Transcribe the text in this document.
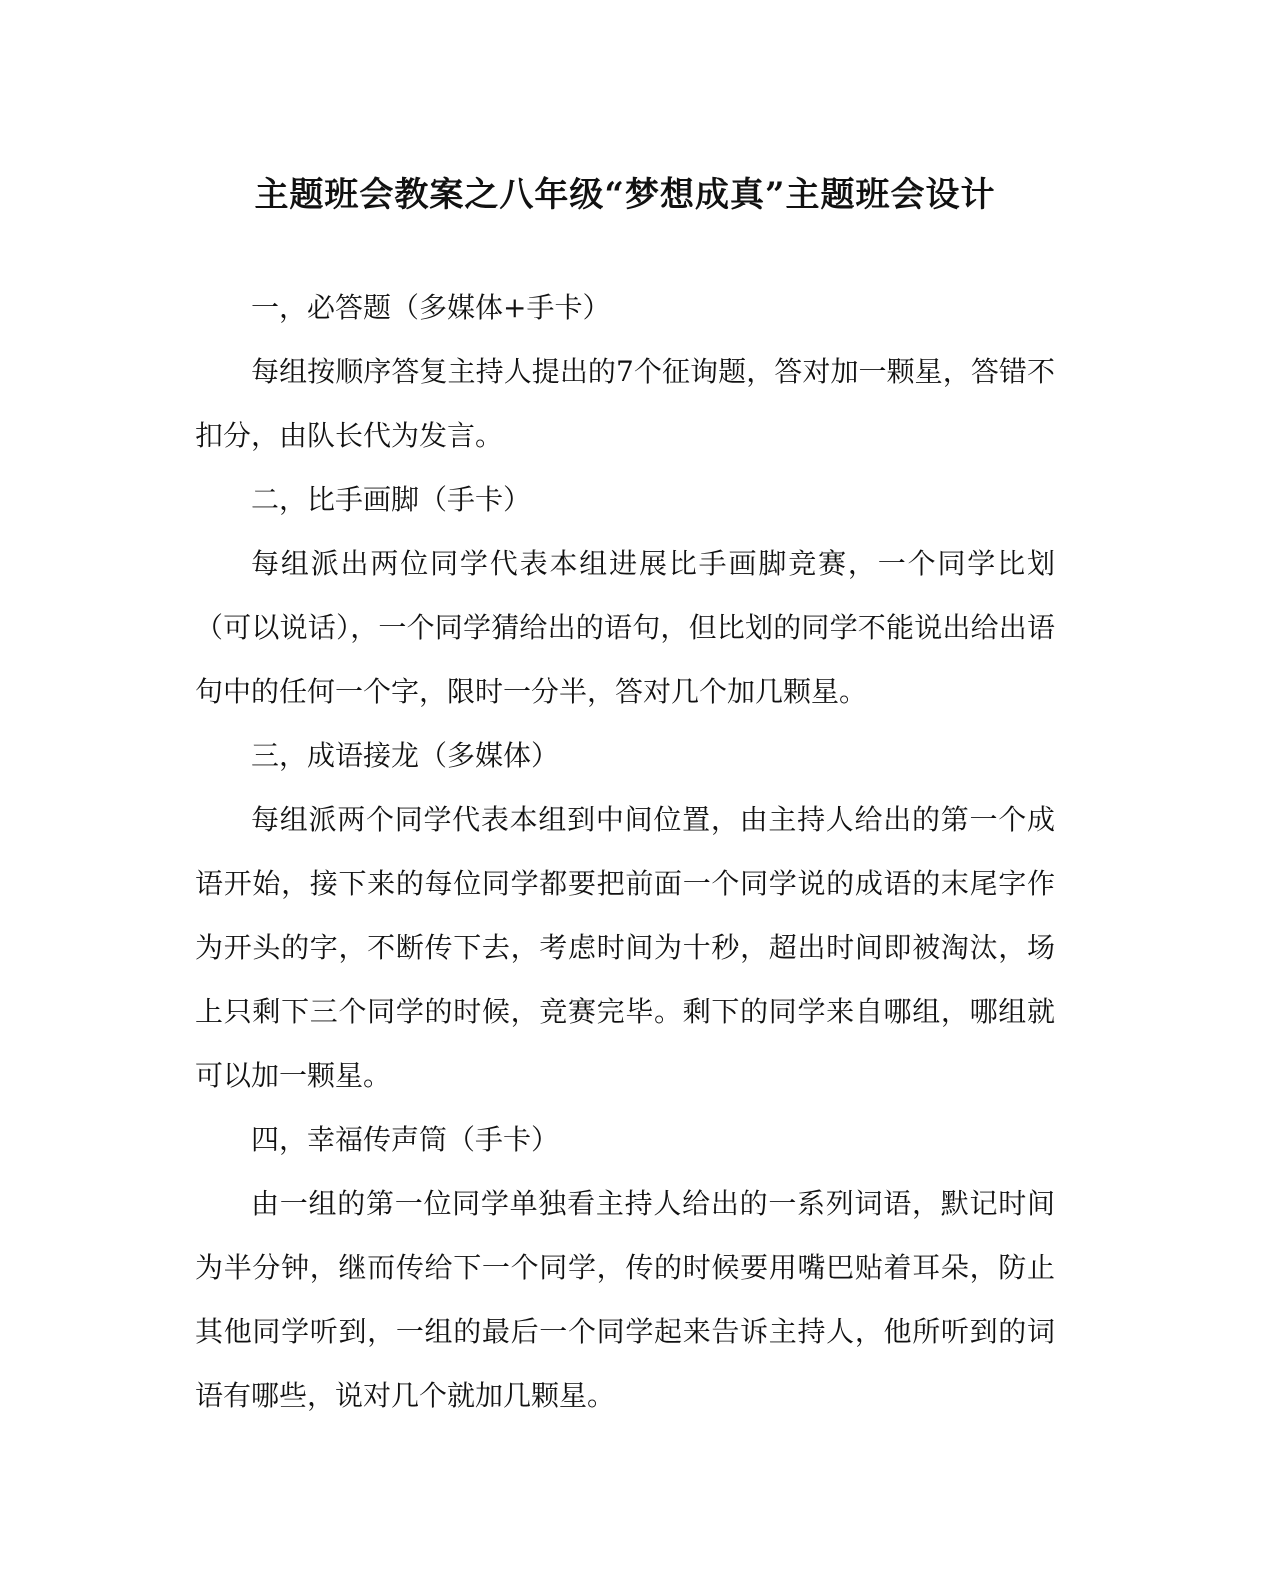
主题班会教案之八年级“梦想成真”主题班会设计

一，必答题（多媒体+手卡）

每组按顺序答复主持人提出的7个征询题，答对加一颗星，答错不扣分，由队长代为发言。

二，比手画脚（手卡）

每组派出两位同学代表本组进展比手画脚竞赛，一个同学比划（可以说话），一个同学猜给出的语句，但比划的同学不能说出给出语句中的任何一个字，限时一分半，答对几个加几颗星。

三，成语接龙（多媒体）

每组派两个同学代表本组到中间位置，由主持人给出的第一个成语开始，接下来的每位同学都要把前面一个同学说的成语的末尾字作为开头的字，不断传下去，考虑时间为十秒，超出时间即被淘汰，场上只剩下三个同学的时候，竞赛完毕。剩下的同学来自哪组，哪组就可以加一颗星。

四，幸福传声筒（手卡）

由一组的第一位同学单独看主持人给出的一系列词语，默记时间为半分钟，继而传给下一个同学，传的时候要用嘴巴贴着耳朵，防止其他同学听到，一组的最后一个同学起来告诉主持人，他所听到的词语有哪些，说对几个就加几颗星。
